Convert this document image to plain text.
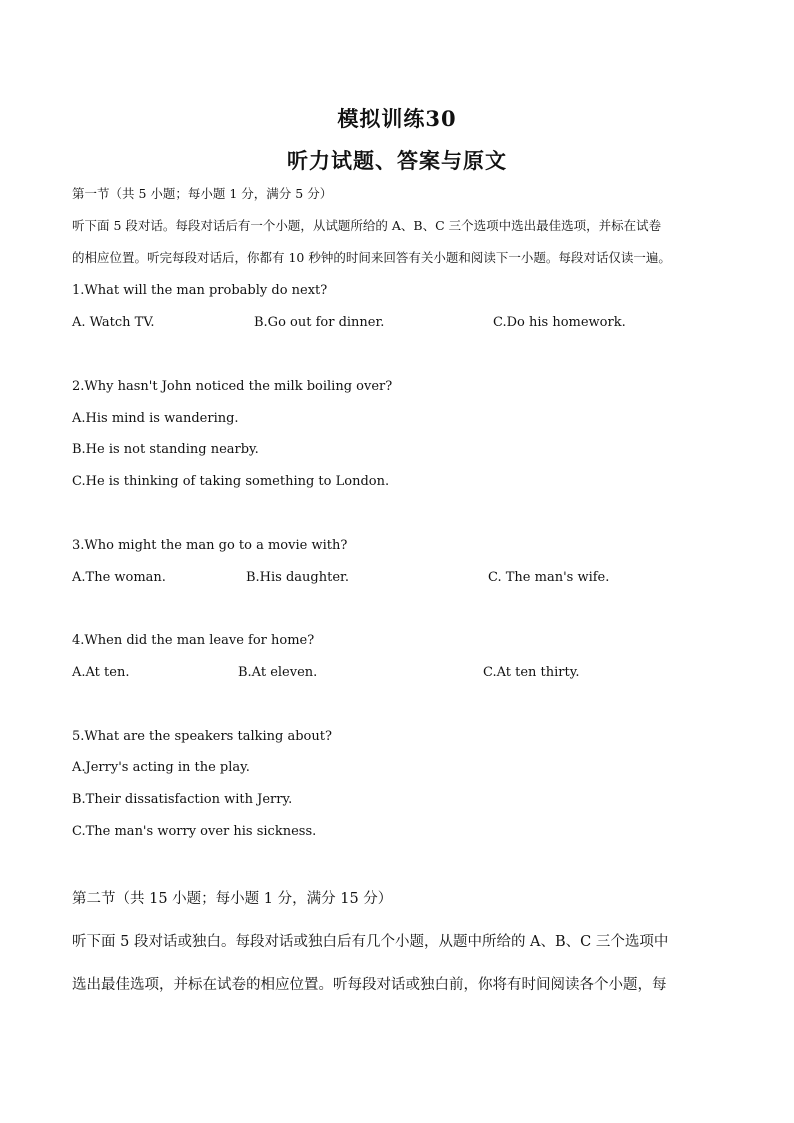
模拟训练30
听力试题、答案与原文
第一节（共 5 小题；每小题 1 分，满分 5 分）
听下面 5 段对话。每段对话后有一个小题，从试题所给的 A、B、C 三个选项中选出最佳选项，并标在试卷
的相应位置。听完每段对话后，你都有 10 秒钟的时间来回答有关小题和阅读下一小题。每段对话仅读一遍。
1.What will the man probably do next?
A. Watch TV.	B.Go out for dinner.	C.Do his homework.
2.Why hasn't John noticed the milk boiling over?
A.His mind is wandering.
B.He is not standing nearby.
C.He is thinking of taking something to London.
3.Who might the man go to a movie with?
A.The woman.	B.His daughter.	C. The man's wife.
4.When did the man leave for home?
A.At ten.	B.At eleven.	C.At ten thirty.
5.What are the speakers talking about?
A.Jerry's acting in the play.
B.Their dissatisfaction with Jerry.
C.The man's worry over his sickness.
第二节（共 15 小题；每小题 1 分，满分 15 分）
听下面 5 段对话或独白。每段对话或独白后有几个小题，从题中所给的 A、B、C 三个选项中
选出最佳选项，并标在试卷的相应位置。听每段对话或独白前，你将有时间阅读各个小题，每
